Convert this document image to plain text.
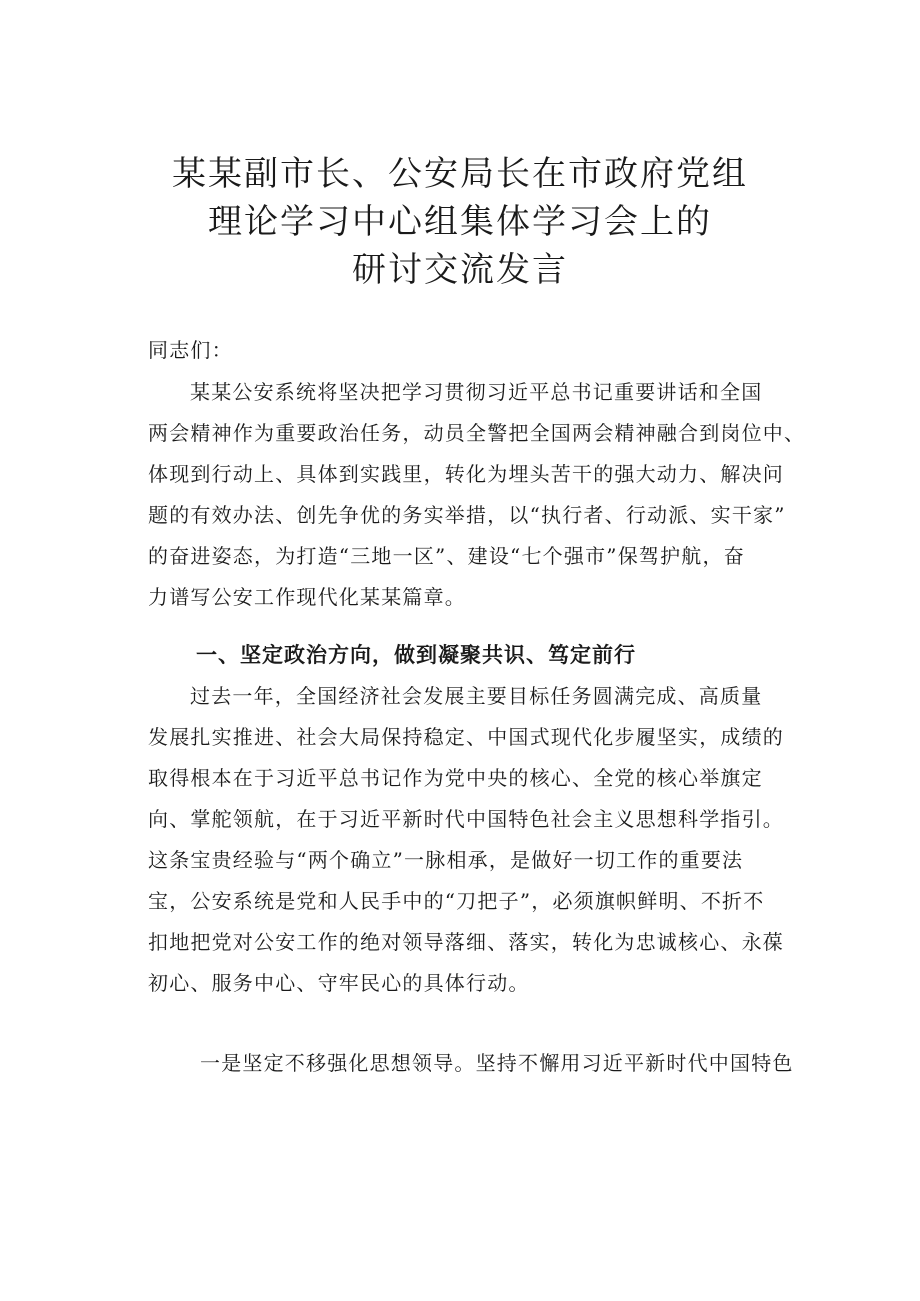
某某副市长、公安局长在市政府党组
理论学习中心组集体学习会上的
研讨交流发言
同志们：
某某公安系统将坚决把学习贯彻习近平总书记重要讲话和全国
两会精神作为重要政治任务，动员全警把全国两会精神融合到岗位中、
体现到行动上、具体到实践里，转化为埋头苦干的强大动力、解决问
题的有效办法、创先争优的务实举措，以“执行者、行动派、实干家”
的奋进姿态，为打造“三地一区”、建设“七个强市”保驾护航，奋
力谱写公安工作现代化某某篇章。
一、坚定政治方向，做到凝聚共识、笃定前行
过去一年，全国经济社会发展主要目标任务圆满完成、高质量
发展扎实推进、社会大局保持稳定、中国式现代化步履坚实，成绩的
取得根本在于习近平总书记作为党中央的核心、全党的核心举旗定
向、掌舵领航，在于习近平新时代中国特色社会主义思想科学指引。
这条宝贵经验与“两个确立”一脉相承，是做好一切工作的重要法
宝，公安系统是党和人民手中的“刀把子”，必须旗帜鲜明、不折不
扣地把党对公安工作的绝对领导落细、落实，转化为忠诚核心、永葆
初心、服务中心、守牢民心的具体行动。
一是坚定不移强化思想领导。坚持不懈用习近平新时代中国特色
